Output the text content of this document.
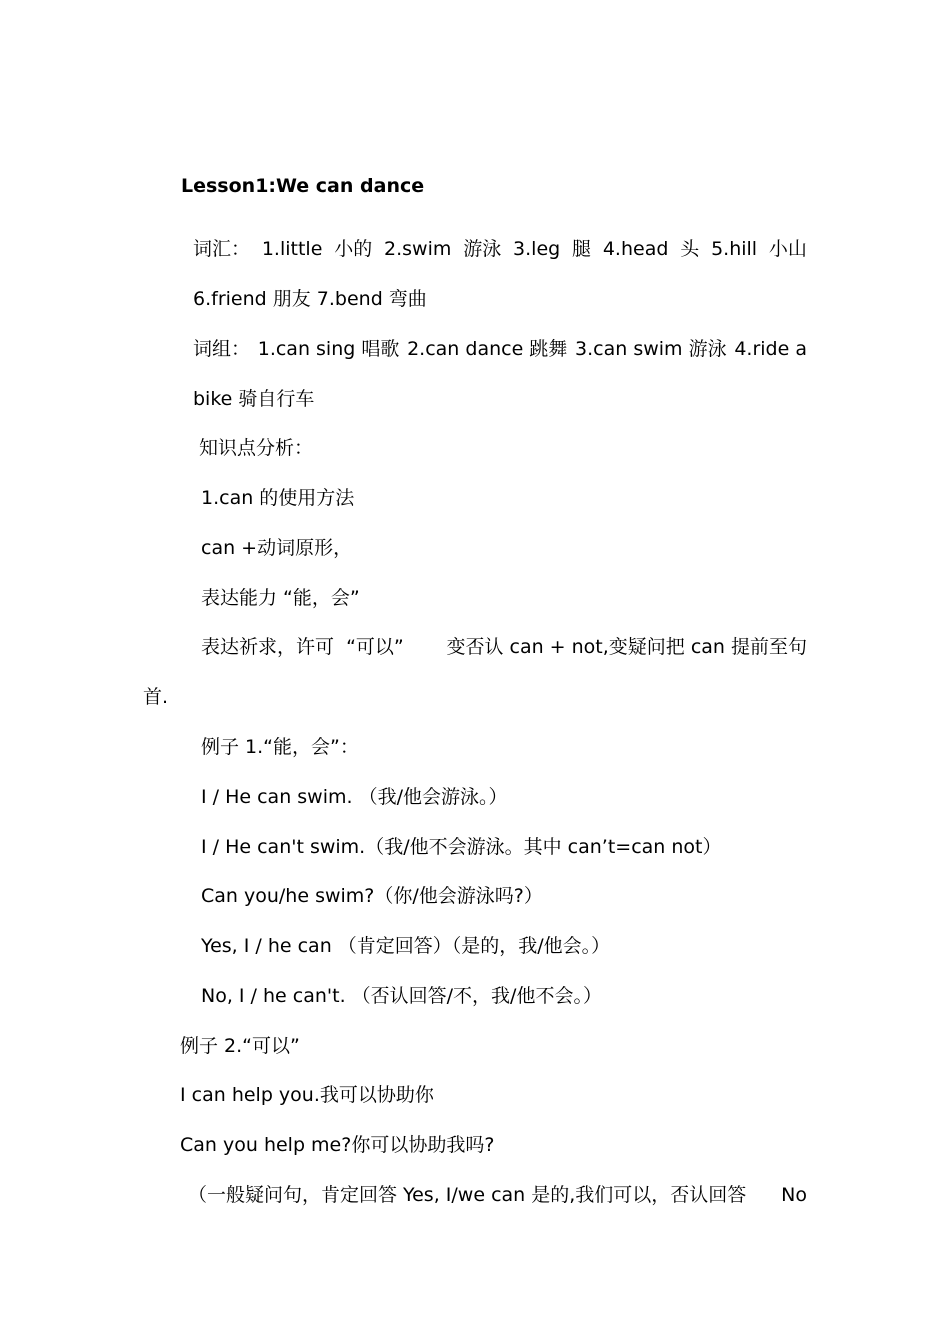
Lesson1:We can dance
词汇： 1.little 小的 2.swim 游泳 3.leg 腿 4.head 头 5.hill 小山
6.friend 朋友 7.bend 弯曲
词组： 1.can sing 唱歌 2.can dance 跳舞 3.can swim 游泳 4.ride a
bike 骑自行车
知识点分析：
1.can 的使用方法
can +动词原形，
表达能力 “能，会”
表达祈求，许可  “可以” 变否认 can + not,变疑问把 can 提前至句
首.
例子 1.“能，会”：
I / He can swim. （我/他会游泳。）
I / He can't swim.（我/他不会游泳。其中 can’t=can not）
Can you/he swim?（你/他会游泳吗?）
Yes, I / he can （肯定回答）（是的，我/他会。）
No, I / he can't. （否认回答/不，我/他不会。）
例子 2.“可以”
I can help you.我可以协助你
Can you help me?你可以协助我吗?
（一般疑问句，肯定回答 Yes, I/we can 是的,我们可以，否认回答 No
